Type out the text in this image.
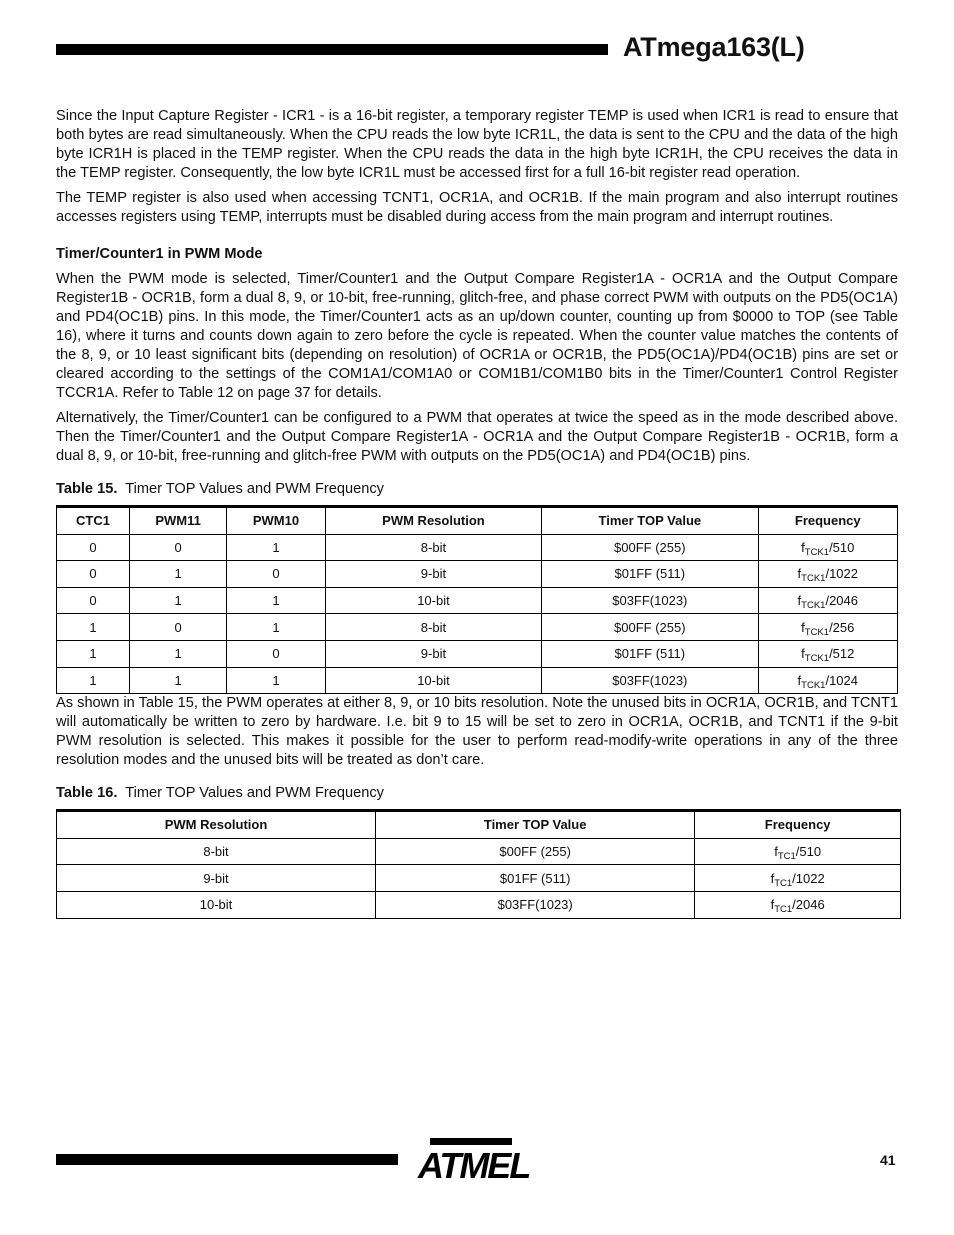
ATmega163(L)

Since the Input Capture Register - ICR1 - is a 16-bit register, a temporary register TEMP is used when ICR1 is read to ensure that both bytes are read simultaneously. When the CPU reads the low byte ICR1L, the data is sent to the CPU and the data of the high byte ICR1H is placed in the TEMP register. When the CPU reads the data in the high byte ICR1H, the CPU receives the data in the TEMP register. Consequently, the low byte ICR1L must be accessed first for a full 16-bit register read operation.

The TEMP register is also used when accessing TCNT1, OCR1A, and OCR1B. If the main program and also interrupt routines accesses registers using TEMP, interrupts must be disabled during access from the main program and interrupt routines.

Timer/Counter1 in PWM Mode

When the PWM mode is selected, Timer/Counter1 and the Output Compare Register1A - OCR1A and the Output Compare Register1B - OCR1B, form a dual 8, 9, or 10-bit, free-running, glitch-free, and phase correct PWM with outputs on the PD5(OC1A) and PD4(OC1B) pins. In this mode, the Timer/Counter1 acts as an up/down counter, counting up from $0000 to TOP (see Table 16), where it turns and counts down again to zero before the cycle is repeated. When the counter value matches the contents of the 8, 9, or 10 least significant bits (depending on resolution) of OCR1A or OCR1B, the PD5(OC1A)/PD4(OC1B) pins are set or cleared according to the settings of the COM1A1/COM1A0 or COM1B1/COM1B0 bits in the Timer/Counter1 Control Register TCCR1A. Refer to Table 12 on page 37 for details.

Alternatively, the Timer/Counter1 can be configured to a PWM that operates at twice the speed as in the mode described above. Then the Timer/Counter1 and the Output Compare Register1A - OCR1A and the Output Compare Register1B - OCR1B, form a dual 8, 9, or 10-bit, free-running and glitch-free PWM with outputs on the PD5(OC1A) and PD4(OC1B) pins.

Table 15. Timer TOP Values and PWM Frequency
CTC1	PWM11	PWM10	PWM Resolution	Timer TOP Value	Frequency
0	0	1	8-bit	$00FF (255)	$f_{TCK1}/510$
0	1	0	9-bit	$01FF (511)	$f_{TCK1}/1022$
0	1	1	10-bit	$03FF(1023)	$f_{TCK1}/2046$
1	0	1	8-bit	$00FF (255)	$f_{TCK1}/256$
1	1	0	9-bit	$01FF (511)	$f_{TCK1}/512$
1	1	1	10-bit	$03FF(1023)	$f_{TCK1}/1024$

As shown in Table 15, the PWM operates at either 8, 9, or 10 bits resolution. Note the unused bits in OCR1A, OCR1B, and TCNT1 will automatically be written to zero by hardware. I.e. bit 9 to 15 will be set to zero in OCR1A, OCR1B, and TCNT1 if the 9-bit PWM resolution is selected. This makes it possible for the user to perform read-modify-write operations in any of the three resolution modes and the unused bits will be treated as don’t care.

Table 16. Timer TOP Values and PWM Frequency
PWM Resolution	Timer TOP Value	Frequency
8-bit	$00FF (255)	$f_{TC1}/510$
9-bit	$01FF (511)	$f_{TC1}/1022$
10-bit	$03FF(1023)	$f_{TC1}/2046$
ATMEL	41
